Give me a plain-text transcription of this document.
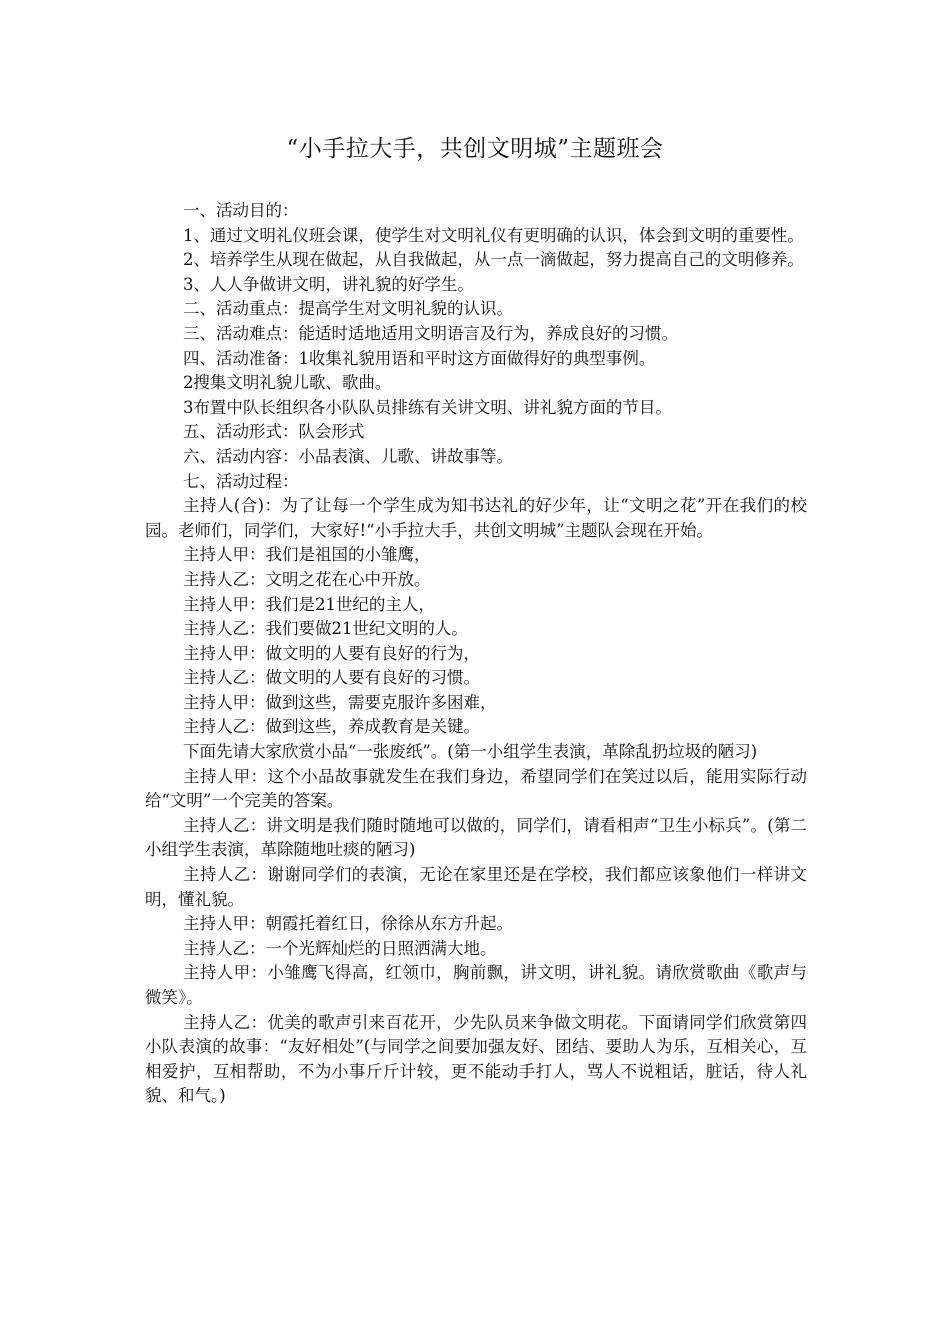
“小手拉大手，共创文明城”主题班会

一、活动目的：

1、通过文明礼仪班会课，使学生对文明礼仪有更明确的认识，体会到文明的重要性。

2、培养学生从现在做起，从自我做起，从一点一滴做起，努力提高自己的文明修养。

3、人人争做讲文明，讲礼貌的好学生。

二、活动重点：提高学生对文明礼貌的认识。

三、活动难点：能适时适地适用文明语言及行为，养成良好的习惯。

四、活动准备：1收集礼貌用语和平时这方面做得好的典型事例。

2搜集文明礼貌儿歌、歌曲。

3布置中队长组织各小队队员排练有关讲文明、讲礼貌方面的节目。

五、活动形式：队会形式

六、活动内容：小品表演、儿歌、讲故事等。

七、活动过程：

主持人(合)：为了让每一个学生成为知书达礼的好少年，让“文明之花”开在我们的校园。老师们，同学们，大家好!“小手拉大手，共创文明城”主题队会现在开始。

主持人甲：我们是祖国的小雏鹰，

主持人乙：文明之花在心中开放。

主持人甲：我们是21世纪的主人，

主持人乙：我们要做21世纪文明的人。

主持人甲：做文明的人要有良好的行为，

主持人乙：做文明的人要有良好的习惯。

主持人甲：做到这些，需要克服许多困难，

主持人乙：做到这些，养成教育是关键。

下面先请大家欣赏小品“一张废纸”。(第一小组学生表演，革除乱扔垃圾的陋习)

主持人甲：这个小品故事就发生在我们身边，希望同学们在笑过以后，能用实际行动给“文明”一个完美的答案。

主持人乙：讲文明是我们随时随地可以做的，同学们，请看相声“卫生小标兵”。(第二小组学生表演，革除随地吐痰的陋习)

主持人乙：谢谢同学们的表演，无论在家里还是在学校，我们都应该象他们一样讲文明，懂礼貌。

主持人甲：朝霞托着红日，徐徐从东方升起。

主持人乙：一个光辉灿烂的日照洒满大地。

主持人甲：小雏鹰飞得高，红领巾，胸前飘，讲文明，讲礼貌。请欣赏歌曲《歌声与微笑》。

主持人乙：优美的歌声引来百花开，少先队员来争做文明花。下面请同学们欣赏第四小队表演的故事：“友好相处”(与同学之间要加强友好、团结、要助人为乐，互相关心，互相爱护，互相帮助，不为小事斤斤计较，更不能动手打人，骂人不说粗话，脏话，待人礼貌、和气。)
